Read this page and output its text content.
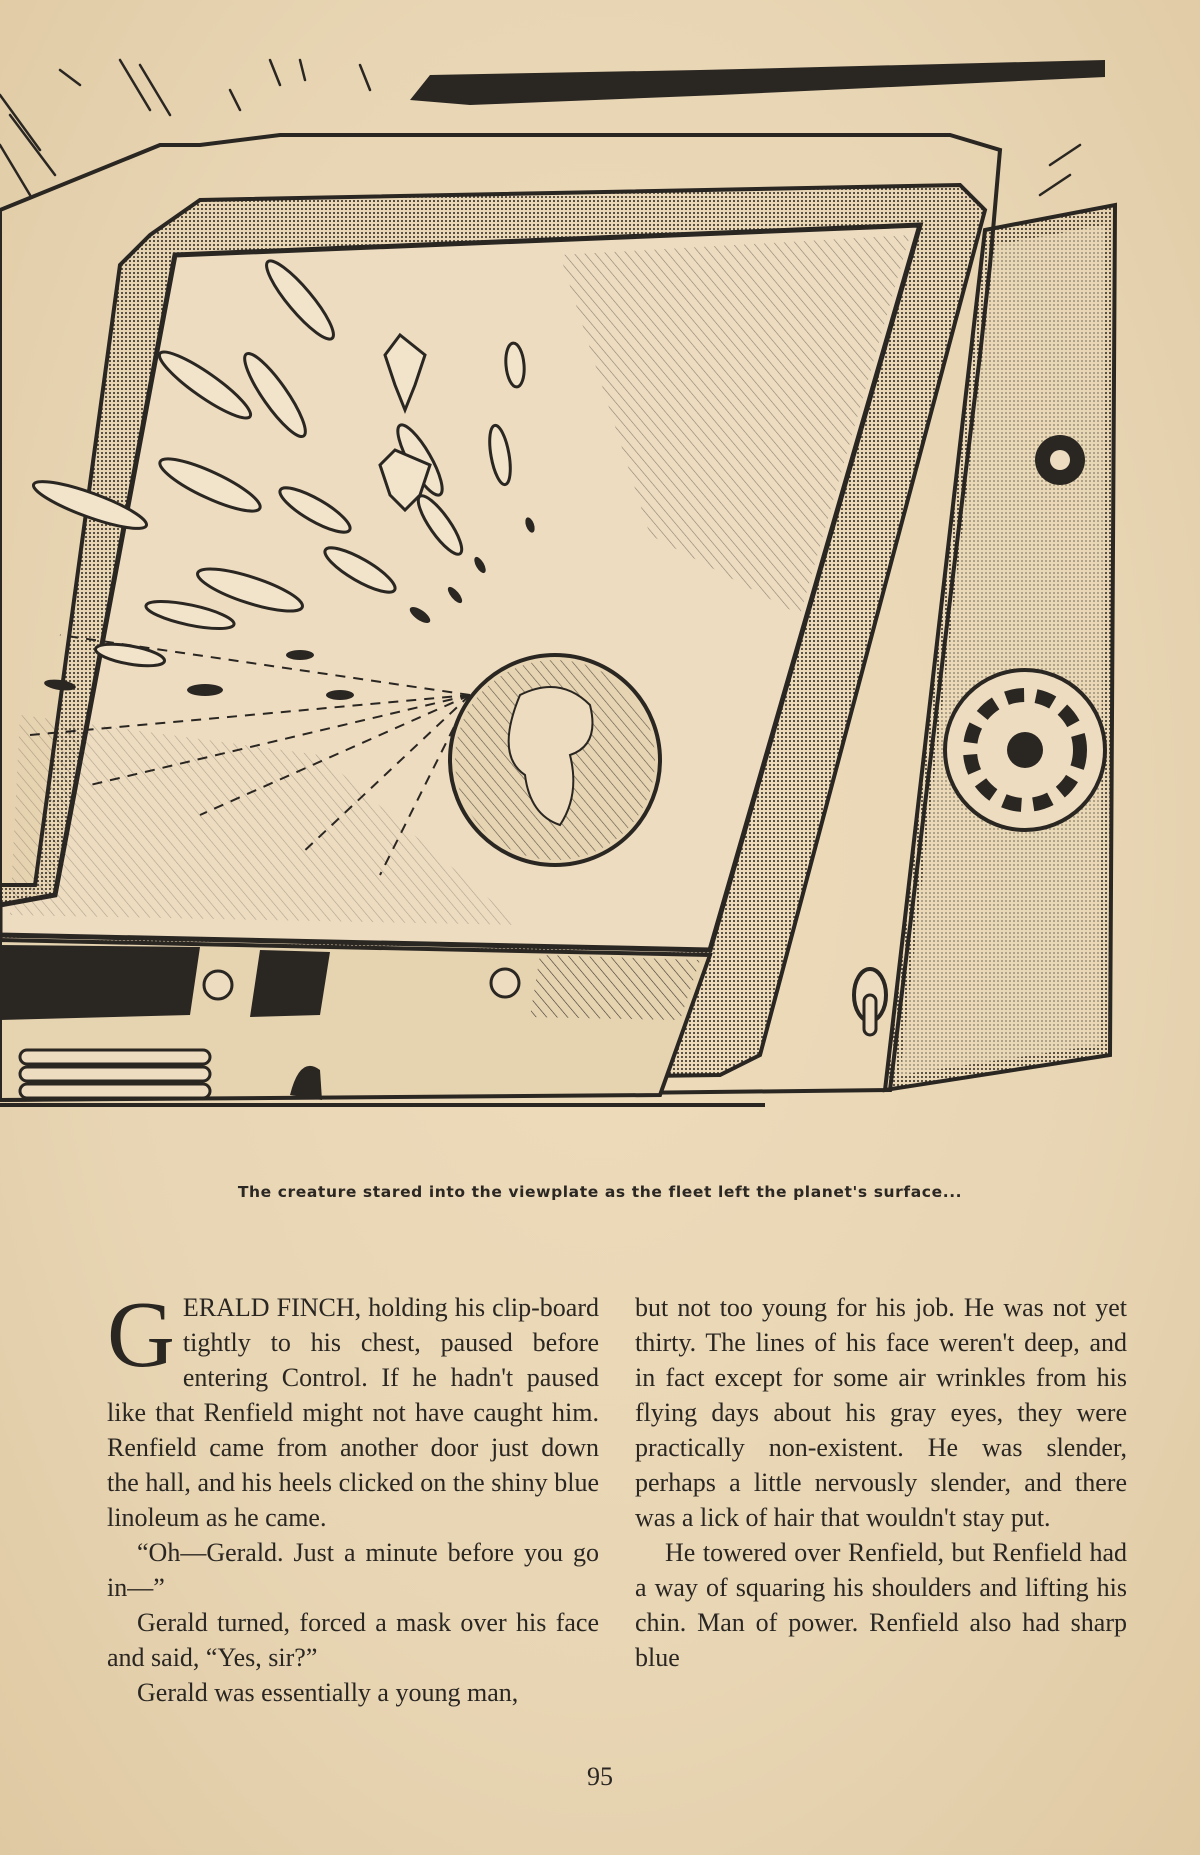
The creature stared into the viewplate as the fleet left the planet's surface...

GERALD FINCH, holding his clip-board tightly to his chest, paused before entering Control. If he hadn't paused like that Renfield might not have caught him. Renfield came from another door just down the hall, and his heels clicked on the shiny blue linoleum as he came.

“Oh—Gerald. Just a minute before you go in—”

Gerald turned, forced a mask over his face and said, “Yes, sir?”

Gerald was essentially a young man,

but not too young for his job. He was not yet thirty. The lines of his face weren't deep, and in fact except for some air wrinkles from his flying days about his gray eyes, they were practically non-existent. He was slender, perhaps a little nervously slender, and there was a lick of hair that wouldn't stay put.

He towered over Renfield, but Renfield had a way of squaring his shoulders and lifting his chin. Man of power. Renfield also had sharp blue

95
